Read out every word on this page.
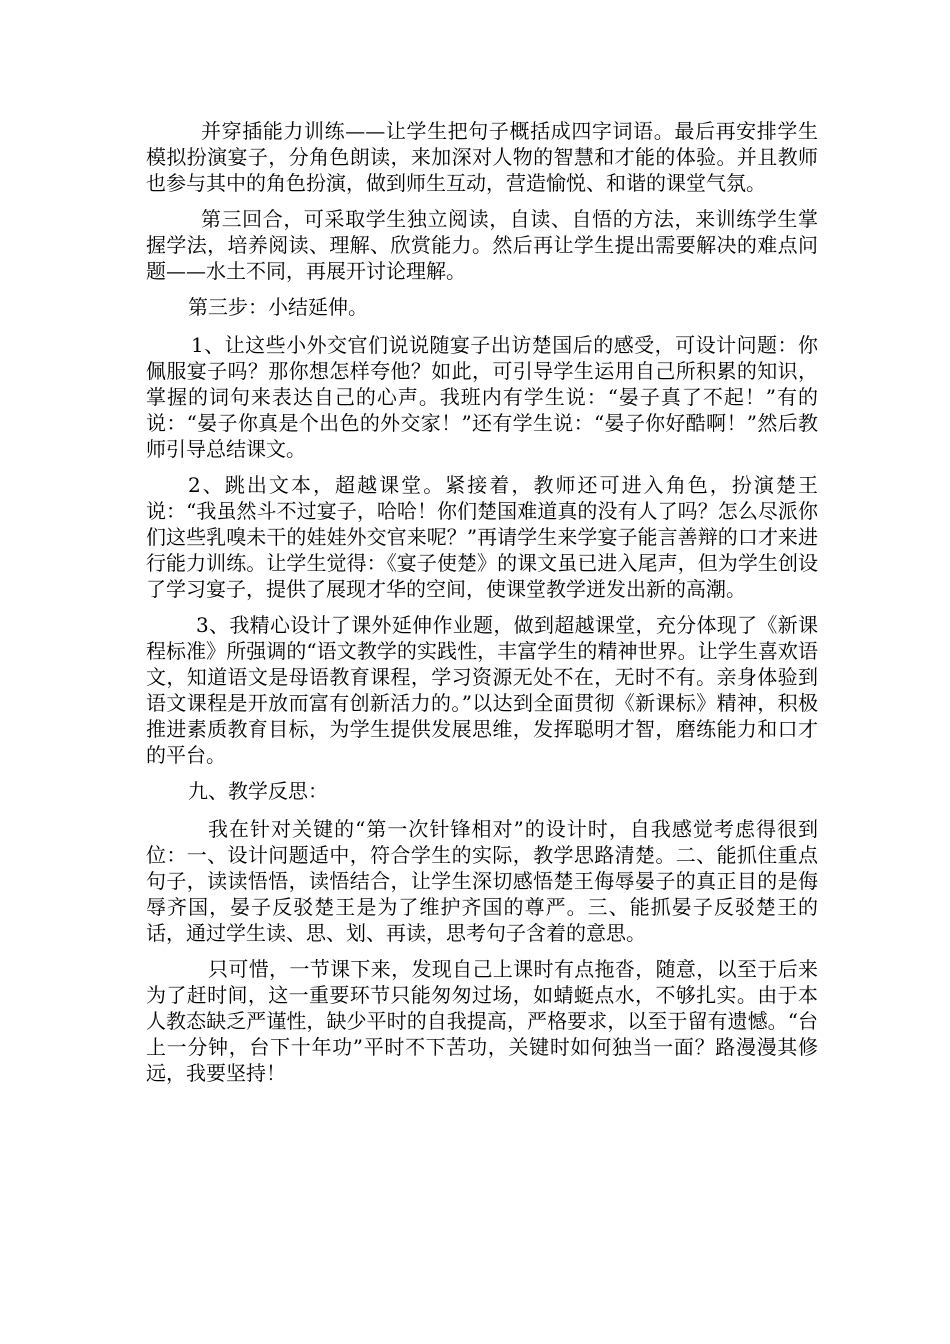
并穿插能力训练——让学生把句子概括成四字词语。最后再安排学生模拟扮演宴子，分角色朗读，来加深对人物的智慧和才能的体验。并且教师也参与其中的角色扮演，做到师生互动，营造愉悦、和谐的课堂气氛。

第三回合，可采取学生独立阅读，自读、自悟的方法，来训练学生掌握学法，培养阅读、理解、欣赏能力。然后再让学生提出需要解决的难点问题——水土不同，再展开讨论理解。

第三步：小结延伸。

1、让这些小外交官们说说随宴子出访楚国后的感受，可设计问题：你佩服宴子吗？那你想怎样夸他？如此，可引导学生运用自己所积累的知识，掌握的词句来表达自己的心声。我班内有学生说：“晏子真了不起！”有的说：“晏子你真是个出色的外交家！”还有学生说：“晏子你好酷啊！”然后教师引导总结课文。

2、跳出文本，超越课堂。紧接着，教师还可进入角色，扮演楚王说：“我虽然斗不过宴子，哈哈！你们楚国难道真的没有人了吗？怎么尽派你们这些乳嗅未干的娃娃外交官来呢？”再请学生来学宴子能言善辩的口才来进行能力训练。让学生觉得：《宴子使楚》的课文虽已进入尾声，但为学生创设了学习宴子，提供了展现才华的空间，使课堂教学迸发出新的高潮。

3、我精心设计了课外延伸作业题，做到超越课堂，充分体现了《新课程标准》所强调的“语文教学的实践性，丰富学生的精神世界。让学生喜欢语文，知道语文是母语教育课程，学习资源无处不在，无时不有。亲身体验到语文课程是开放而富有创新活力的。”以达到全面贯彻《新课标》精神，积极推进素质教育目标，为学生提供发展思维，发挥聪明才智，磨练能力和口才的平台。

九、教学反思：

我在针对关键的“第一次针锋相对”的设计时，自我感觉考虑得很到位：一、设计问题适中，符合学生的实际，教学思路清楚。二、能抓住重点句子，读读悟悟，读悟结合，让学生深切感悟楚王侮辱晏子的真正目的是侮辱齐国，晏子反驳楚王是为了维护齐国的尊严。三、能抓晏子反驳楚王的话，通过学生读、思、划、再读，思考句子含着的意思。

只可惜，一节课下来，发现自己上课时有点拖沓，随意，以至于后来为了赶时间，这一重要环节只能匆匆过场，如蜻蜓点水，不够扎实。由于本人教态缺乏严谨性，缺少平时的自我提高，严格要求，以至于留有遗憾。“台上一分钟，台下十年功”平时不下苦功，关键时如何独当一面？路漫漫其修远，我要坚持！
